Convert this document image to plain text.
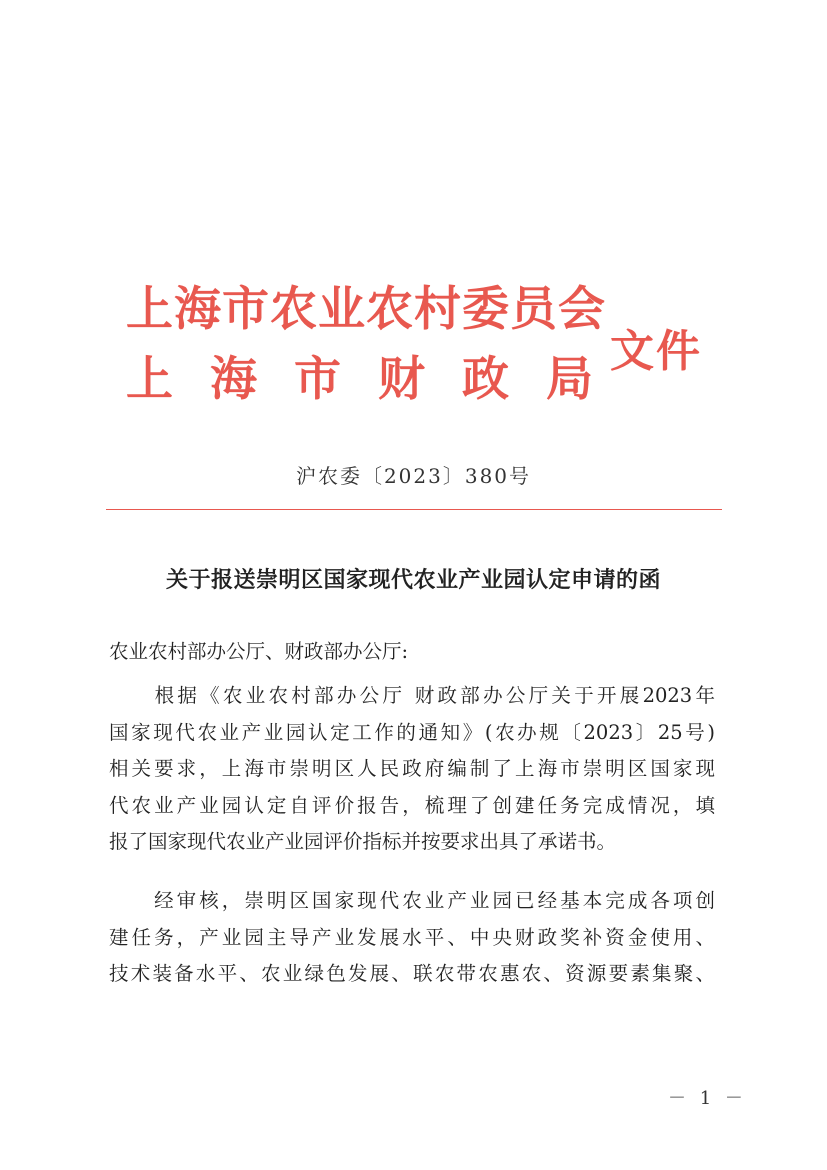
上海市农业农村委员会
上海市财政局
文件
沪农委〔2023〕380号
关于报送崇明区国家现代农业产业园认定申请的函
农业农村部办公厅、财政部办公厅:
　　根据《农业农村部办公厅 财政部办公厅关于开展2023年
国家现代农业产业园认定工作的通知》(农办规〔2023〕25号)
相关要求，上海市崇明区人民政府编制了上海市崇明区国家现
代农业产业园认定自评价报告，梳理了创建任务完成情况，填
报了国家现代农业产业园评价指标并按要求出具了承诺书。
　　经审核，崇明区国家现代农业产业园已经基本完成各项创
建任务，产业园主导产业发展水平、中央财政奖补资金使用、
技术装备水平、农业绿色发展、联农带农惠农、资源要素集聚、
－ 1 －
